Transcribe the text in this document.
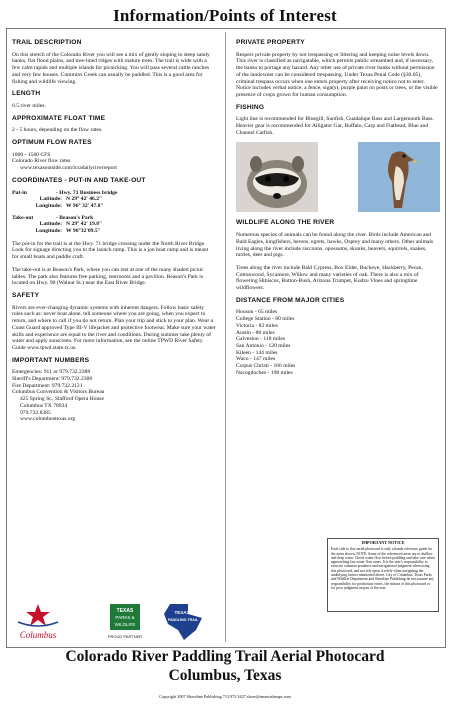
Information/Points of Interest
TRAIL DESCRIPTION

On this stretch of the Colorado River you will see a mix of gently sloping to steep sandy banks, flat flood plains, and tree-lined ridges with mature trees. The trail is wide with a few calm rapids and multiple islands for picnicking. You will pass several cattle ranches and very few houses. Cummins Creek can usually be paddled. This is a good area for fishing and wildlife viewing.

LENGTH

6.5 river miles.

APPROXIMATE FLOAT TIME

2 - 5 hours, depending on the flow rates.

OPTIMUM FLOW RATES
1000 - 1500 CFS
Colorado River flow rates
www.texasoutside.com/lcradailyriverreport
COORDINATES - PUT-IN AND TAKE-OUT
Put-in	- Hwy. 71 Business bridge
Latitude: N 29° 42' 46.2"
Longitude: W 96° 32' 47.8"
Take-out	- Beason's Park
Latitude: N 29° 42' 19.8"
Longitude: W 96°32'09.5"

The put-in for the trail is at the Hwy. 71 bridge crossing under the North River Bridge. Look for signage directing you to the launch ramp. This is a jon boat ramp and is meant for small boats and paddle craft.

The take-out is at Beason's Park, where you can rest at one of the many shaded picnic tables. The park also features free parking, restrooms and a pavilion. Beason's Park is located on Hwy. 90 (Walnut St.) near the East River Bridge.

SAFETY

Rivers are ever-changing dynamic systems with inherent dangers. Follow basic safety rules such as: never boat alone, tell someone where you are going, when you expect to return, and where to call if you do not return. Plan your trip and stick to your plan. Wear a Coast Guard approved Type III-V lifejacket and protective footwear. Make sure your water skills and experience are equal to the river and conditions. During summer take plenty of water and apply sunscreen. For more information, see the online TPWD River Safety Guide www.tpwd.state.tx.us.

IMPORTANT NUMBERS
Emergencies: 911 or 979.732.2388
Sheriff's Department: 979.732.2388
Fire Department: 979.732.2121
Columbus Convention & Visitors Bureau
425 Spring St., Stafford Opera House
Columbus TX 78934
979.732.8385
www.columbustexas.org
PRIVATE PROPERTY

Respect private property by not trespassing or littering and keeping noise levels down. This river is classified as navigatable, which permits public streambed and, if necessary, the banks to portage any hazard. Any other use of private river banks without permission of the landowner can be considered trespassing. Under Texas Penal Code (§30.05), criminal trespass occurs when one enters property after receiving notice not to enter. Notice includes verbal notice, a fence, sign(s), purple paint on posts or trees, or the visible presence of crops grown for human consumption.

FISHING

Light line is recommended for Bluegill, Sunfish, Guadalupe Bass and Largemouth Bass. Heavier gear is recommended for Alligator Gar, Buffalo, Carp and Flathead, Blue and Channel Catfish.

WILDLIFE ALONG THE RIVER

Numerous species of animals can be found along the river. Birds include American and Bald Eagles, kingfishers, herons, egrets, hawks, Osprey and many others. Other animals living along the river include raccoons, opossums, skunks, beavers, squirrels, snakes, turtles, deer and pigs.

Trees along the river include Bald Cypress, Box Elder, Buckeye, Hackberry, Pecan, Cottonwood, Sycamore, Willow and many varieties of oak. There is also a mix of flowering Hibiscus, Button-Bush, Arizona Trumpet, Kudzu Vines and springtime wildflowers.

DISTANCE FROM MAJOR CITIES
Houson - 65 miles
College Station - 80 miles
Victoria - 82 miles
Austin - 88 miles
Galveston - 118 miles
San Antonio - 120 miles
Kileen - 144 miles
Waco - 147 miles
Corpus Christi - 166 miles
Nacogdoches - 198 miles
IMPORTANT NOTICE
Each side to this aerial photocard is only a handy reference guide for the areas shown. NOTE: Some of the referenced areas are in shallow and deep water. Check water flow before paddling and take care when approaching fast water flow areas. It is the user's responsibility to exercise common prudence and navigational judgment when using this photocard, and not rely upon it solely when navigating the underlying factors mentioned above. City of Columbus, Texas Parks and Wildlife Department and Shoreline Publishing do not assume any responsibility for production errors, the misuse of this photocard or for poor judgment on part of the user.
Columbus
TEXAS
PARKS &
WILDLIFE
PROUD PARTNER
TEXAS
PADDLING TRAIL
Colorado River Paddling Trail Aerial Photocard
Columbus, Texas
Copyright 2007 Shoreline Publishing 713.973.3427 shore@rmaerialmaps.com
